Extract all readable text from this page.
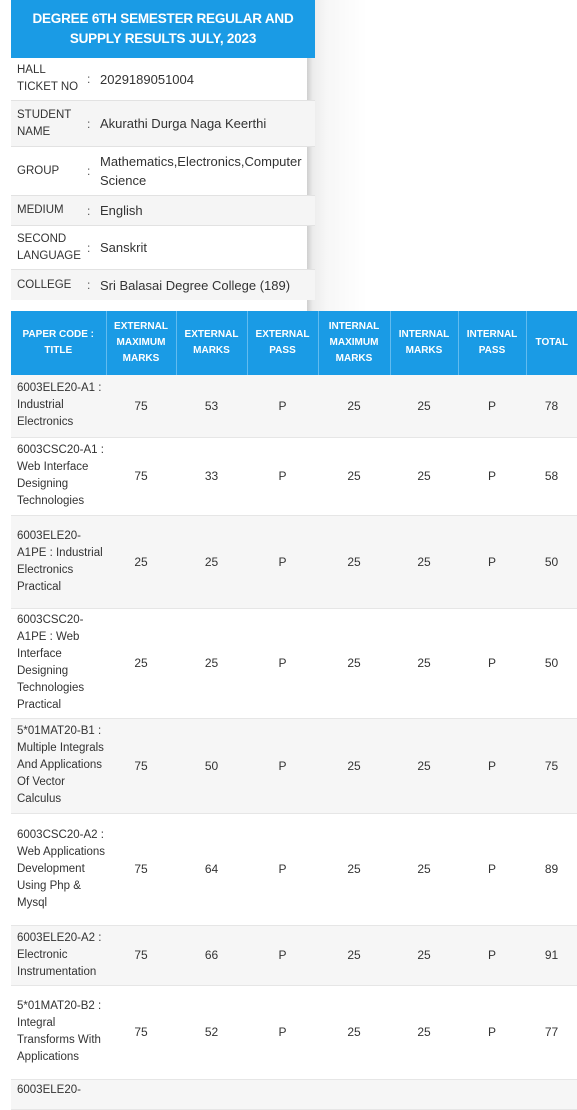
DEGREE 6TH SEMESTER REGULAR AND SUPPLY RESULTS JULY, 2023
HALL TICKET NO
: 2029189051004
STUDENT NAME
: Akurathi Durga Naga Keerthi
GROUP	:
Mathematics,Electronics,Computer Science
MEDIUM	: English
SECOND LANGUAGE
: Sanskrit
COLLEGE	: Sri Balasai Degree College (189)
PAPER CODE : TITLE	EXTERNAL MAXIMUM MARKS	EXTERNAL MARKS	EXTERNAL PASS	INTERNAL MAXIMUM MARKS	INTERNAL MARKS	INTERNAL PASS	TOTAL
6003ELE20-A1 : Industrial Electronics	75	53	P	25	25	P	78
6003CSC20-A1 : Web Interface Designing Technologies	75	33	P	25	25	P	58
6003ELE20-A1PE : Industrial Electronics Practical	25	25	P	25	25	P	50
6003CSC20-A1PE : Web Interface Designing Technologies Practical	25	25	P	25	25	P	50
5*01MAT20-B1 : Multiple Integrals And Applications Of Vector Calculus	75	50	P	25	25	P	75
6003CSC20-A2 : Web Applications Development Using Php & Mysql	75	64	P	25	25	P	89
6003ELE20-A2 : Electronic Instrumentation	75	66	P	25	25	P	91
5*01MAT20-B2 : Integral Transforms With Applications	75	52	P	25	25	P	77
6003ELE20-							
